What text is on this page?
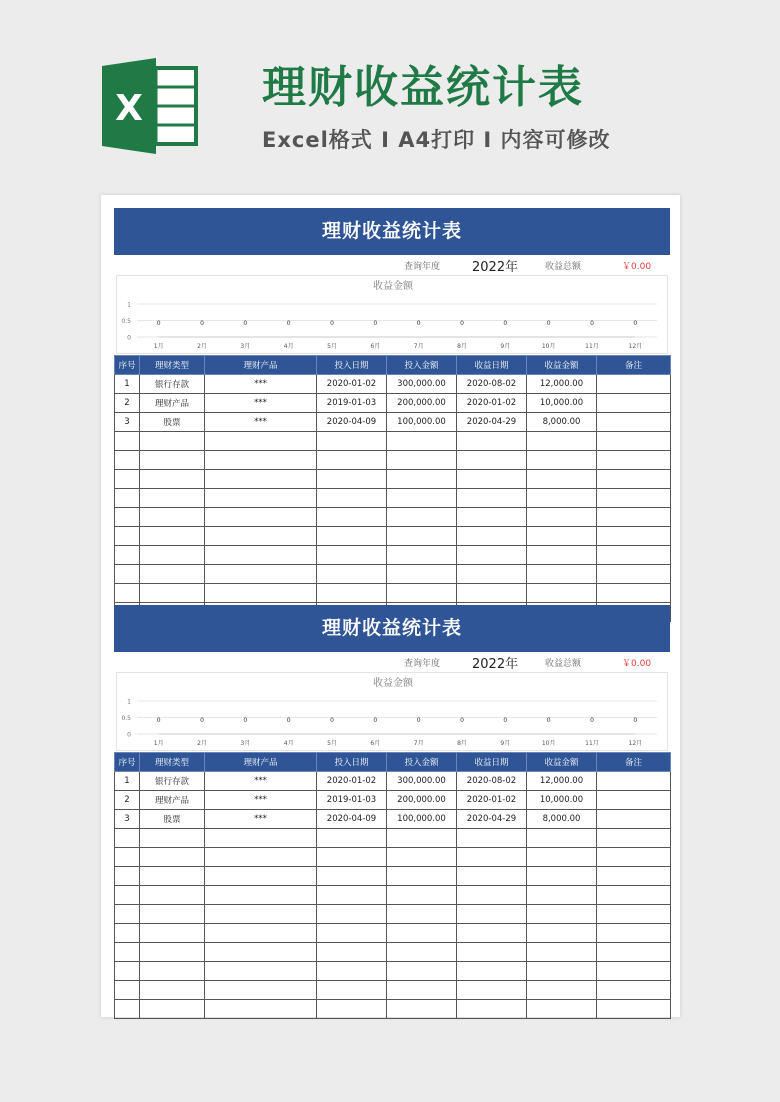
X	理财收益统计表
Excel格式 I A4打印 I 内容可修改
理财收益统计表
查询年度 2022年	收益总额	￥0.00
收益金额
1
0.5
0
1月
0
2月
0
3月
0
4月
0
5月
0
6月
0
7月
0
8月
0
9月
0
10月
0
11月
0
12月
0
序号	理财类型	理财产品	投入日期	投入金额	收益日期	收益金额	备注
1	银行存款	***	2020-01-02	300,000.00	2020-08-02	12,000.00	
2	理财产品	***	2019-01-03	200,000.00	2020-01-02	10,000.00	
3	股票	***	2020-04-09	100,000.00	2020-04-29	8,000.00	

理财收益统计表
查询年度 2022年	收益总额	￥0.00
收益金额
1
0.5
0
1月
0
2月
0
3月
0
4月
0
5月
0
6月
0
7月
0
8月
0
9月
0
10月
0
11月
0
12月
0
序号	理财类型	理财产品	投入日期	投入金额	收益日期	收益金额	备注
1	银行存款	***	2020-01-02	300,000.00	2020-08-02	12,000.00	
2	理财产品	***	2019-01-03	200,000.00	2020-01-02	10,000.00	
3	股票	***	2020-04-09	100,000.00	2020-04-29	8,000.00	
